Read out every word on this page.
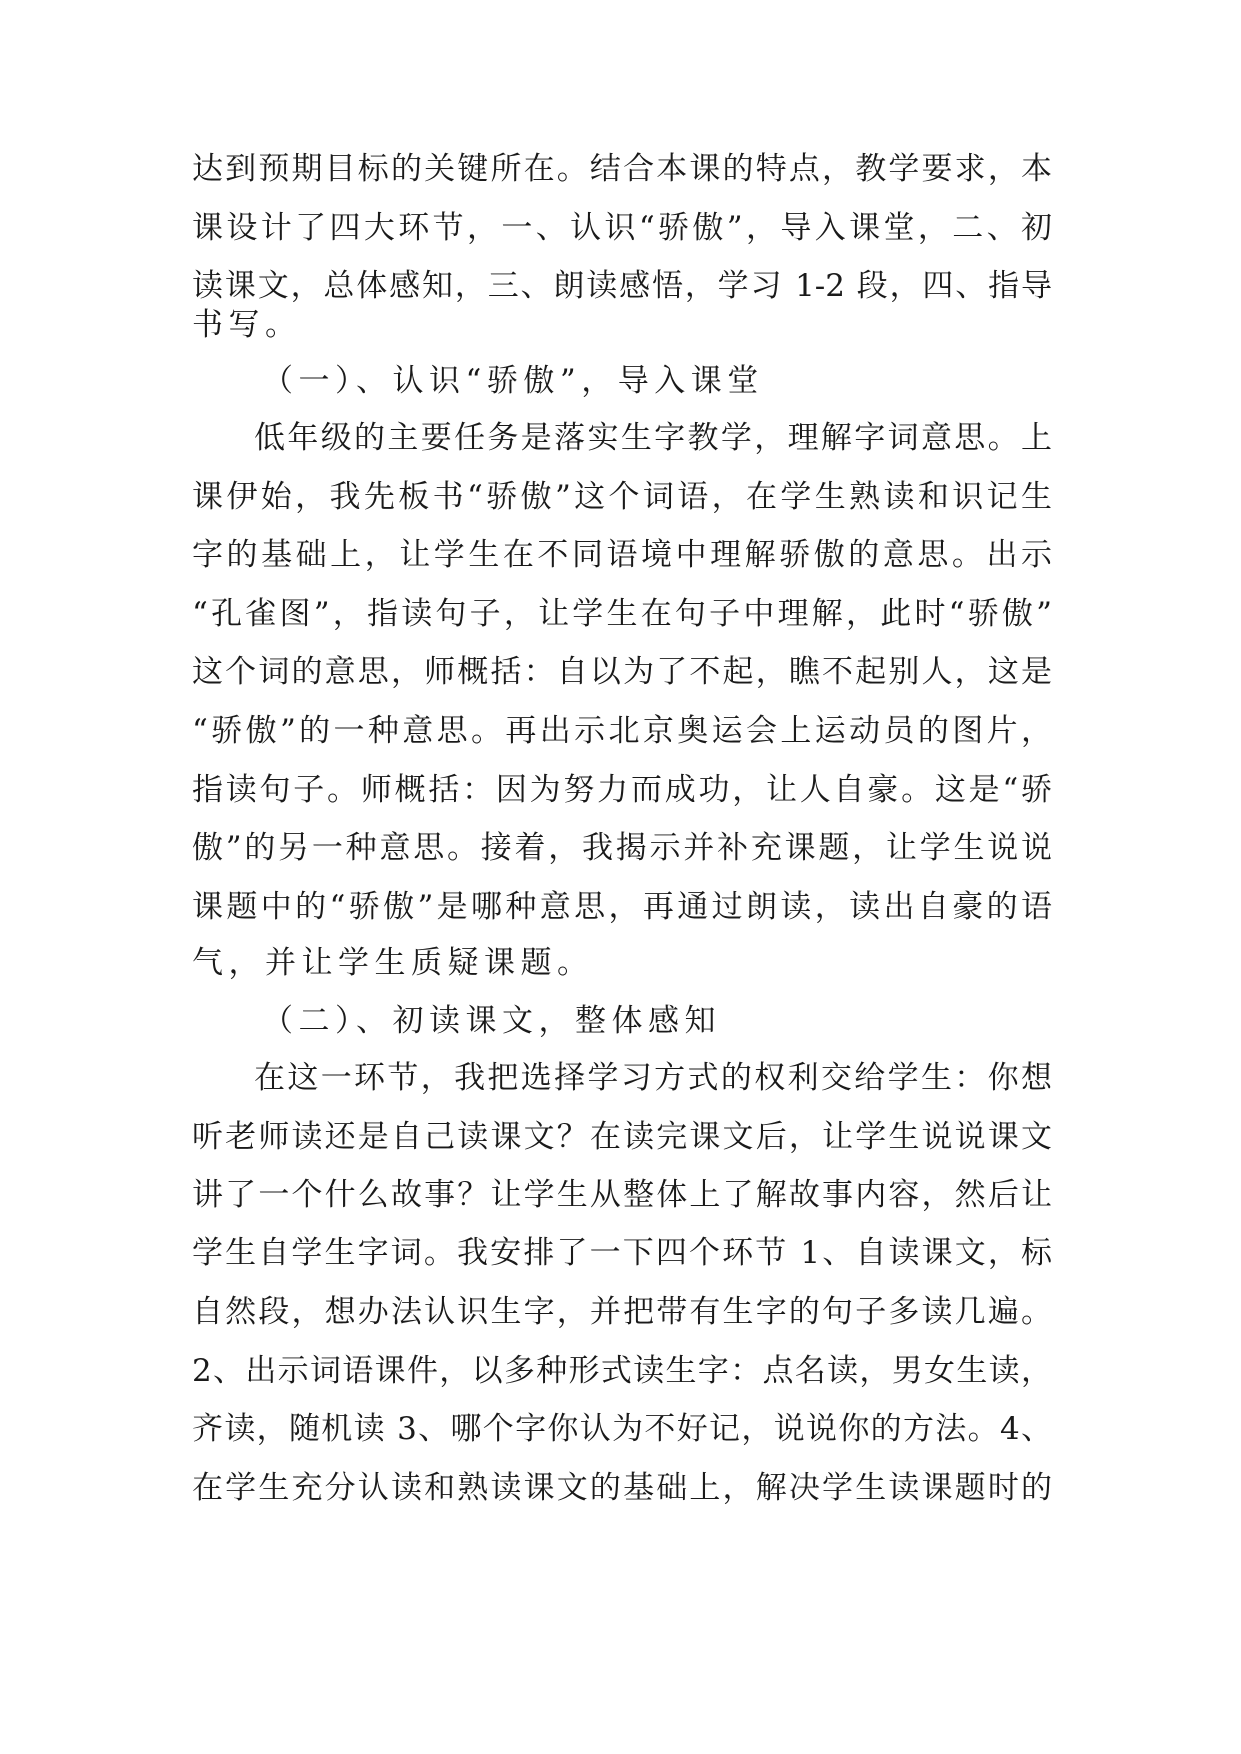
达到预期目标的关键所在。结合本课的特点，教学要求，本
课设计了四大环节，一、认识“骄傲”，导入课堂，二、初
读课文，总体感知，三、朗读感悟，学习 1-2 段，四、指导
书写。
（一）、认识“骄傲”，导入课堂
低年级的主要任务是落实生字教学，理解字词意思。上
课伊始，我先板书“骄傲”这个词语，在学生熟读和识记生
字的基础上，让学生在不同语境中理解骄傲的意思。出示
“孔雀图”，指读句子，让学生在句子中理解，此时“骄傲”
这个词的意思，师概括：自以为了不起，瞧不起别人，这是
“骄傲”的一种意思。再出示北京奥运会上运动员的图片，
指读句子。师概括：因为努力而成功，让人自豪。这是“骄
傲”的另一种意思。接着，我揭示并补充课题，让学生说说
课题中的“骄傲”是哪种意思，再通过朗读，读出自豪的语
气，并让学生质疑课题。
（二）、初读课文，整体感知
在这一环节，我把选择学习方式的权利交给学生：你想
听老师读还是自己读课文？在读完课文后，让学生说说课文
讲了一个什么故事？让学生从整体上了解故事内容，然后让
学生自学生字词。我安排了一下四个环节 1、自读课文，标
自然段，想办法认识生字，并把带有生字的句子多读几遍。
2、出示词语课件，以多种形式读生字：点名读，男女生读，
齐读，随机读 3、哪个字你认为不好记，说说你的方法。4、
在学生充分认读和熟读课文的基础上，解决学生读课题时的
